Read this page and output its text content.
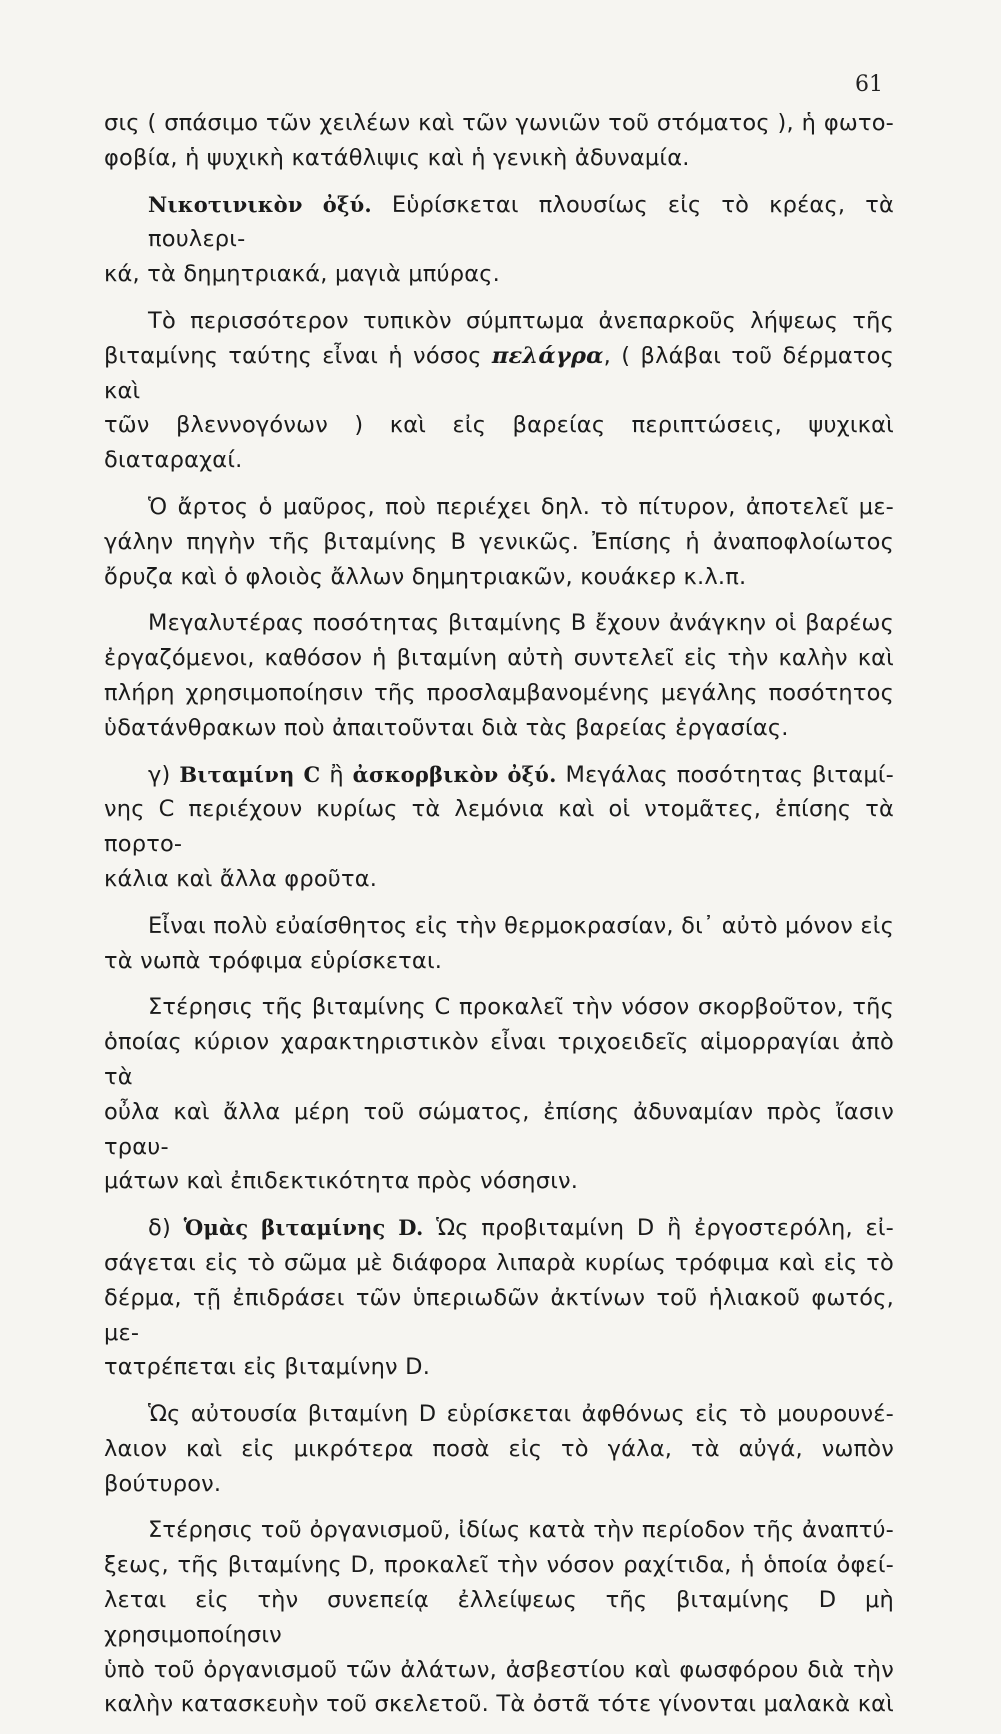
61

σις ( σπάσιμο τῶν χειλέων καὶ τῶν γωνιῶν τοῦ στόματος ), ἡ φωτο-
φοβία, ἡ ψυχικὴ κατάθλιψις καὶ ἡ γενικὴ ἀδυναμία.

Νικοτινικὸν ὀξύ. Εὑρίσκεται πλουσίως εἰς τὸ κρέας, τὰ πουλερι-
κά, τὰ δημητριακά, μαγιὰ μπύρας.

Τὸ περισσότερον τυπικὸν σύμπτωμα ἀνεπαρκοῦς λήψεως τῆς
βιταμίνης ταύτης εἶναι ἡ νόσος πελάγρα, ( βλάβαι τοῦ δέρματος καὶ
τῶν βλεννογόνων ) καὶ εἰς βαρείας περιπτώσεις, ψυχικαὶ διαταραχαί.

Ὁ ἄρτος ὁ μαῦρος, ποὺ περιέχει δηλ. τὸ πίτυρον, ἀποτελεῖ με-
γάλην πηγὴν τῆς βιταμίνης Β γενικῶς. Ἐπίσης ἡ ἀναποφλοίωτος
ὄρυζα καὶ ὁ φλοιὸς ἄλλων δημητριακῶν, κουάκερ κ.λ.π.

Μεγαλυτέρας ποσότητας βιταμίνης Β ἔχουν ἀνάγκην οἱ βαρέως
ἐργαζόμενοι, καθόσον ἡ βιταμίνη αὐτὴ συντελεῖ εἰς τὴν καλὴν καὶ
πλήρη χρησιμοποίησιν τῆς προσλαμβανομένης μεγάλης ποσότητος
ὑδατάνθρακων ποὺ ἀπαιτοῦνται διὰ τὰς βαρείας ἐργασίας.

γ) Βιταμίνη C ἢ ἀσκορβικὸν ὀξύ. Μεγάλας ποσότητας βιταμί-
νης C περιέχουν κυρίως τὰ λεμόνια καὶ οἱ ντομᾶτες, ἐπίσης τὰ πορτο-
κάλια καὶ ἄλλα φροῦτα.

Εἶναι πολὺ εὐαίσθητος εἰς τὴν θερμοκρασίαν, δι᾽ αὐτὸ μόνον εἰς
τὰ νωπὰ τρόφιμα εὑρίσκεται.

Στέρησις τῆς βιταμίνης C προκαλεῖ τὴν νόσον σκορβοῦτον, τῆς
ὁποίας κύριον χαρακτηριστικὸν εἶναι τριχοειδεῖς αἱμορραγίαι ἀπὸ τὰ
οὖλα καὶ ἄλλα μέρη τοῦ σώματος, ἐπίσης ἀδυναμίαν πρὸς ἴασιν τραυ-
μάτων καὶ ἐπιδεκτικότητα πρὸς νόσησιν.

δ) Ὁμὰς βιταμίνης D. Ὡς προβιταμίνη D ἢ ἐργοστερόλη, εἰ-
σάγεται εἰς τὸ σῶμα μὲ διάφορα λιπαρὰ κυρίως τρόφιμα καὶ εἰς τὸ
δέρμα, τῇ ἐπιδράσει τῶν ὑπεριωδῶν ἀκτίνων τοῦ ἡλιακοῦ φωτός, με-
τατρέπεται εἰς βιταμίνην D.

Ὡς αὐτουσία βιταμίνη D εὑρίσκεται ἀφθόνως εἰς τὸ μουρουνέ-
λαιον καὶ εἰς μικρότερα ποσὰ εἰς τὸ γάλα, τὰ αὐγά, νωπὸν βούτυρον.

Στέρησις τοῦ ὀργανισμοῦ, ἰδίως κατὰ τὴν περίοδον τῆς ἀναπτύ-
ξεως, τῆς βιταμίνης D, προκαλεῖ τὴν νόσον ραχίτιδα, ἡ ὁποία ὀφεί-
λεται εἰς τὴν συνεπείᾳ ἐλλείψεως τῆς βιταμίνης D μὴ χρησιμοποίησιν
ὑπὸ τοῦ ὀργανισμοῦ τῶν ἀλάτων, ἀσβεστίου καὶ φωσφόρου διὰ τὴν
καλὴν κατασκευὴν τοῦ σκελετοῦ. Τὰ ὀστᾶ τότε γίνονται μαλακὰ καὶ
